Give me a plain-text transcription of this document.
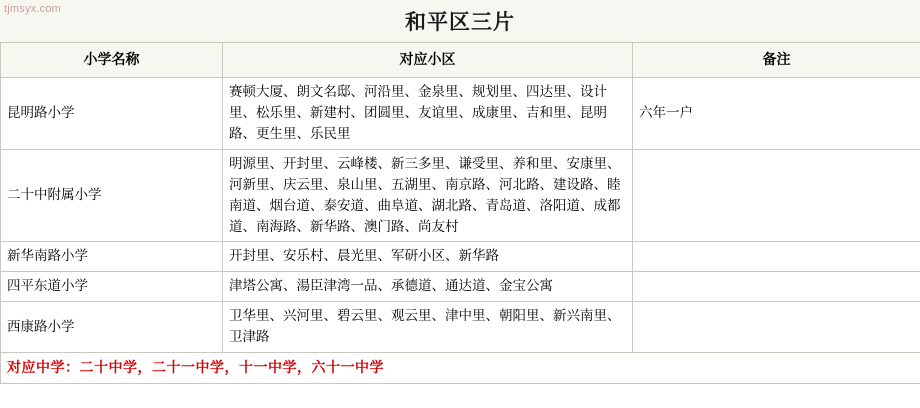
tjmsyx.com
和平区三片
小学名称	对应小区	备注
昆明路小学	赛顿大厦、朗文名邸、河沿里、金泉里、规划里、四达里、设计里、松乐里、新建村、团圆里、友谊里、成康里、吉和里、昆明路、更生里、乐民里	六年一户
二十中附属小学	明源里、开封里、云峰楼、新三多里、谦受里、养和里、安康里、河新里、庆云里、泉山里、五湖里、南京路、河北路、建设路、睦南道、烟台道、泰安道、曲阜道、湖北路、青岛道、洛阳道、成都道、南海路、新华路、澳门路、尚友村	
新华南路小学	开封里、安乐村、晨光里、军研小区、新华路	
四平东道小学	津塔公寓、湯臣津湾一品、承德道、通达道、金宝公寓	
西康路小学	卫华里、兴河里、碧云里、观云里、津中里、朝阳里、新兴南里、卫津路	
对应中学：二十中学，二十一中学，十一中学，六十一中学		
